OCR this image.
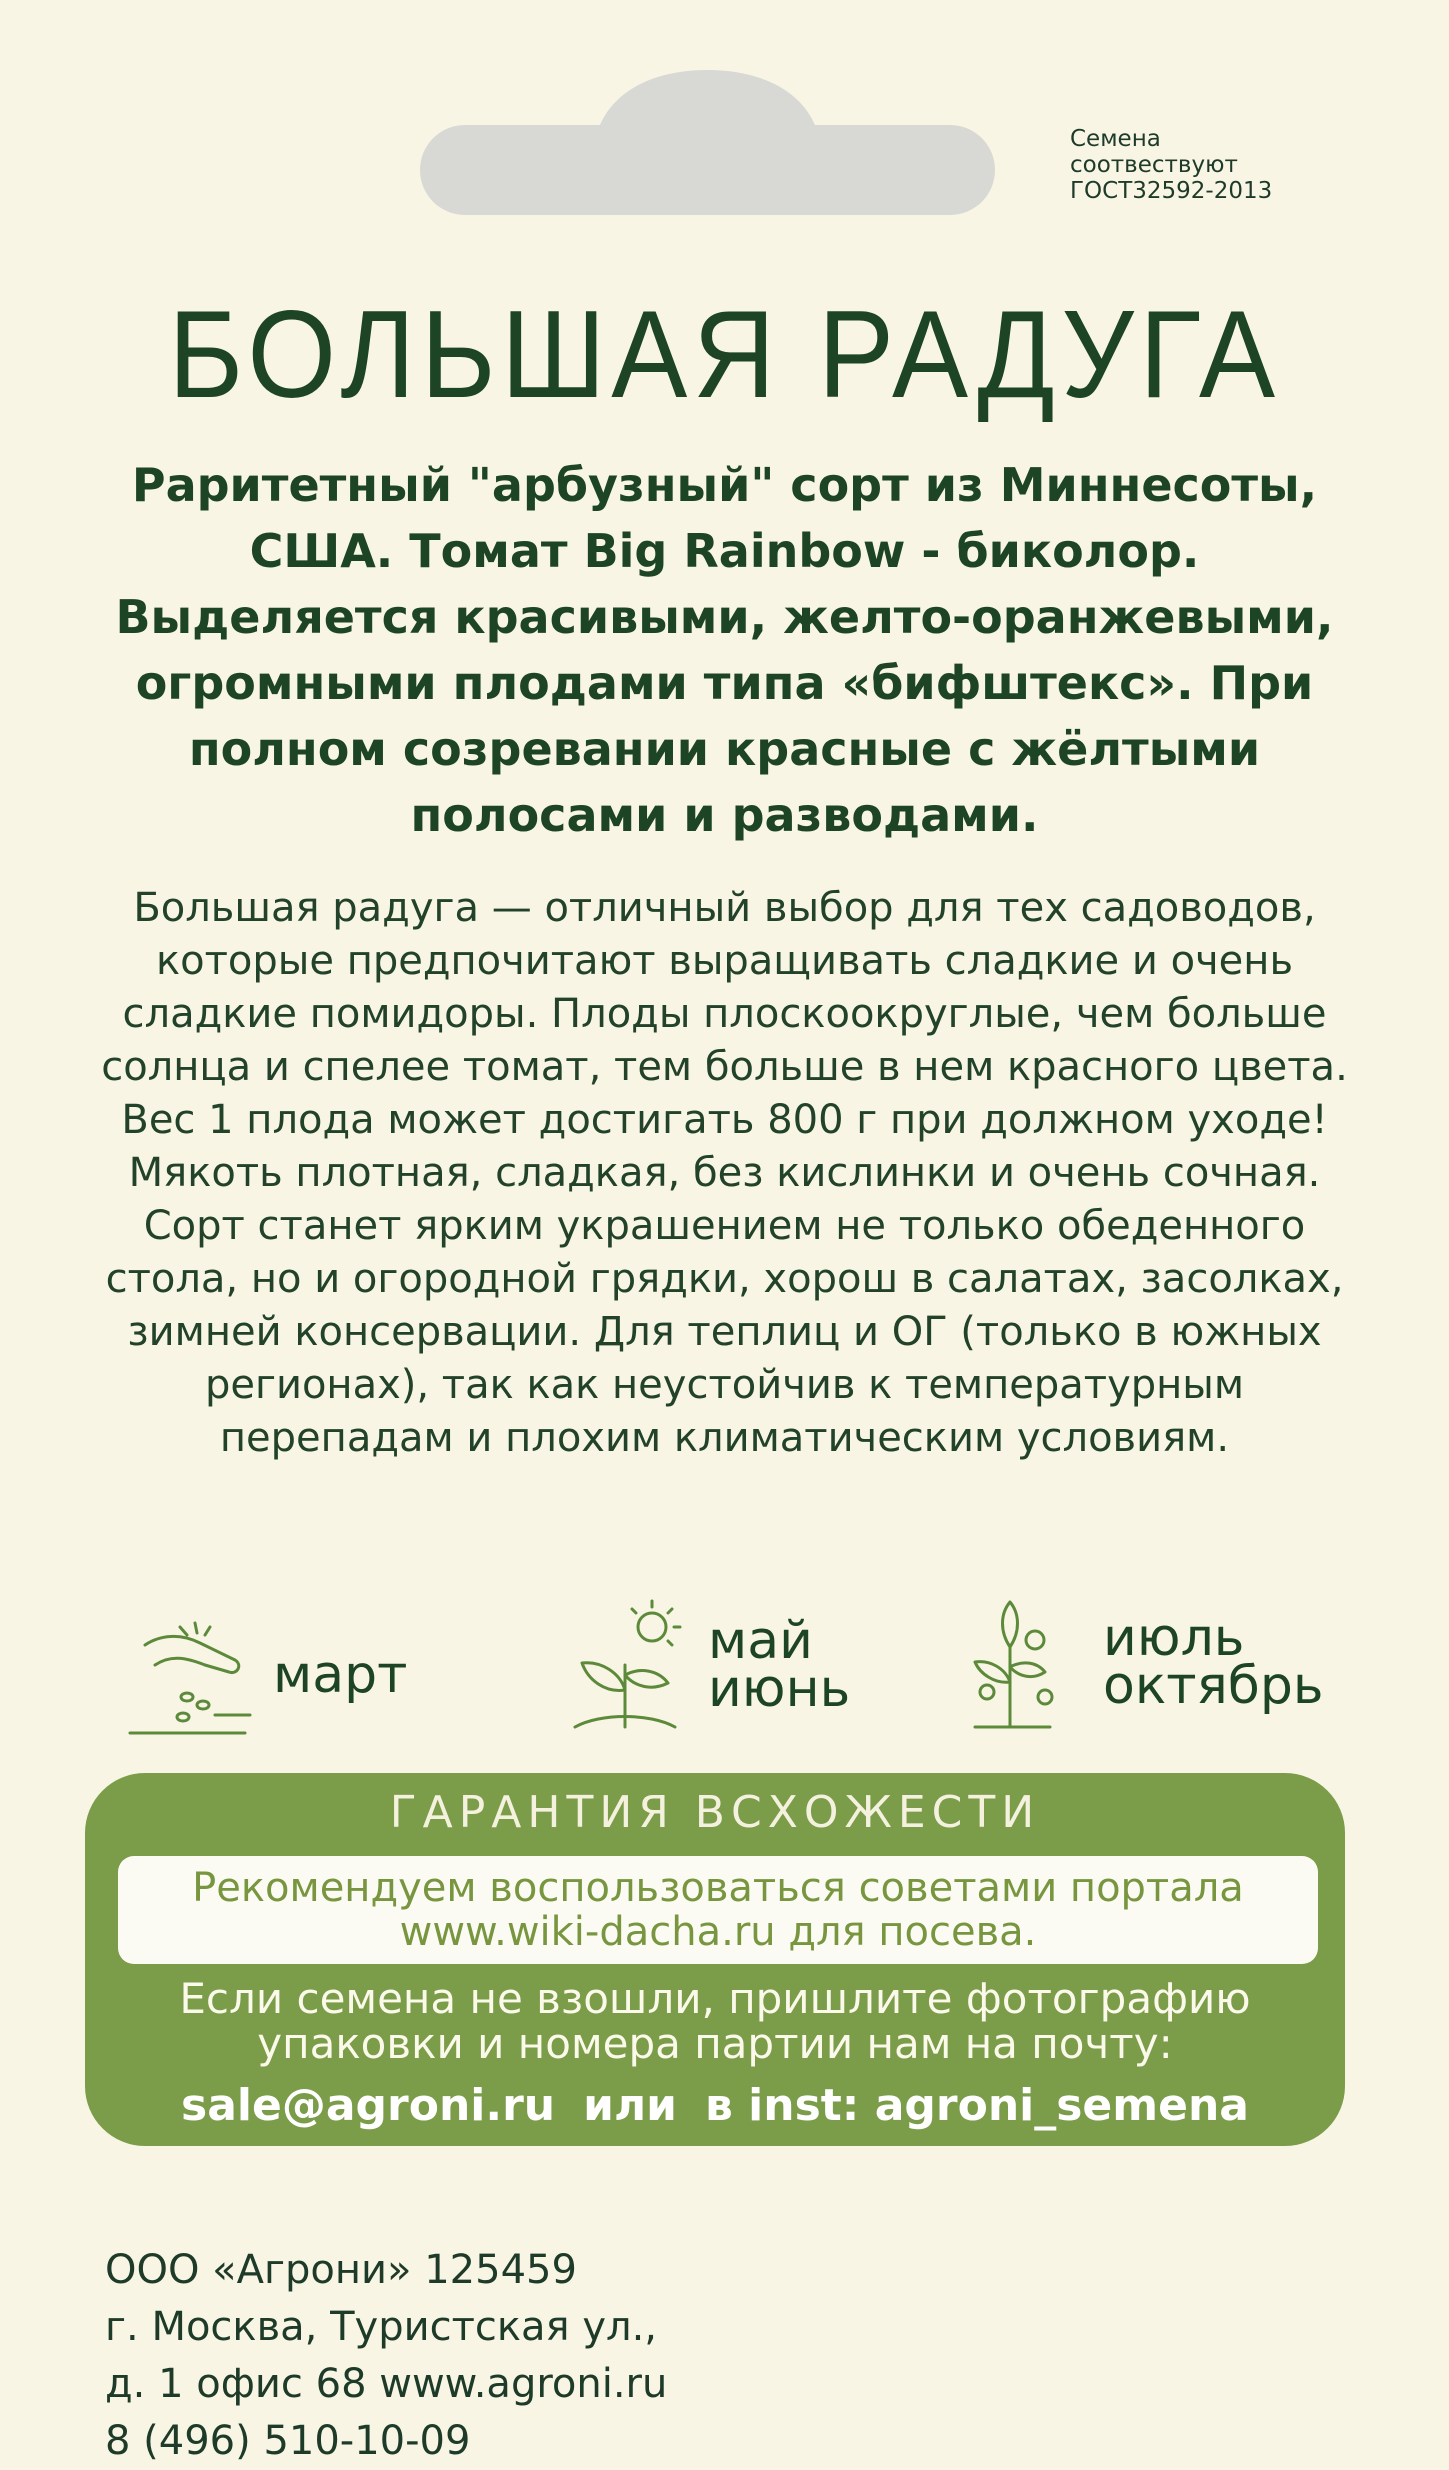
Семена соотвествуют ГОСТ32592-2013
БОЛЬШАЯ РАДУГА
Раритетный "арбузный" сорт из Миннесоты, США. Томат Big Rainbow - биколор. Выделяется красивыми, желто-оранжевыми, огромными плодами типа «бифштекс». При полном созревании красные с жёлтыми полосами и разводами.
Большая радуга — отличный выбор для тех садоводов, которые предпочитают выращивать сладкие и очень сладкие помидоры. Плоды плоскоокруглые, чем больше солнца и спелее томат, тем больше в нем красного цвета. Вес 1 плода может достигать 800 г при должном уходе! Мякоть плотная, сладкая, без кислинки и очень сочная. Сорт станет ярким украшением не только обеденного стола, но и огородной грядки, хорош в салатах, засолках, зимней консервации. Для теплиц и ОГ (только в южных регионах), так как неустойчив к температурным перепадам и плохим климатическим условиям.
март
май
июнь
июль
октябрь
ГАРАНТИЯ ВСХОЖЕСТИ
Рекомендуем воспользоваться советами портала
www.wiki-dacha.ru для посева.
Если семена не взошли, пришлите фотографию
упаковки и номера партии нам на почту:
sale@agroni.ru или в inst: agroni_semena
ООО «Агрони» 125459
г. Москва, Туристская ул.,
д. 1 офис 68 www.agroni.ru
8 (496) 510-10-09
